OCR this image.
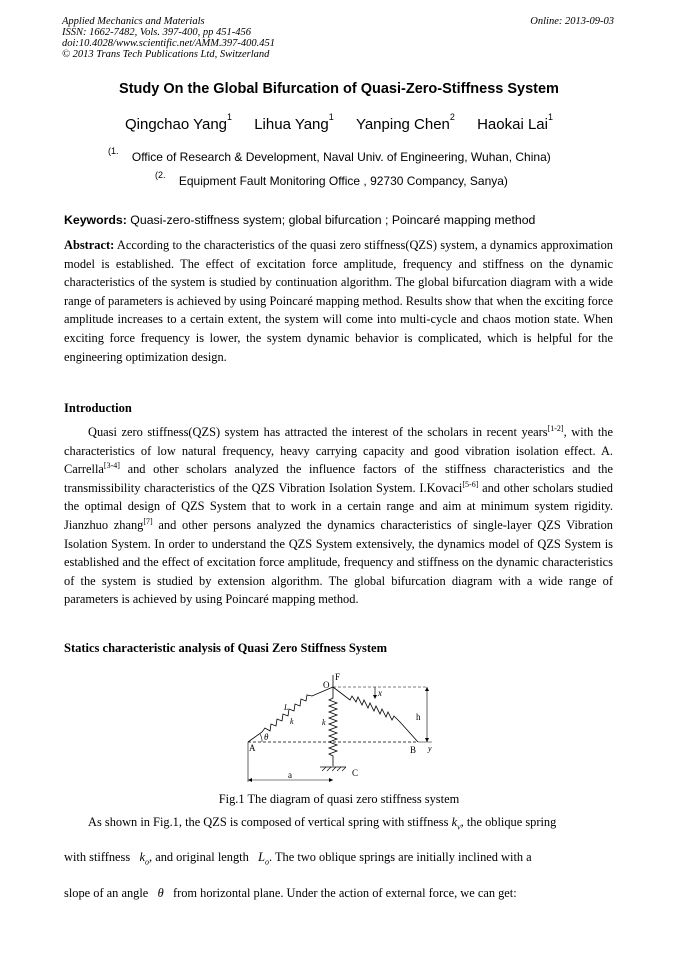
Applied Mechanics and Materials
ISSN: 1662-7482, Vols. 397-400, pp 451-456
doi:10.4028/www.scientific.net/AMM.397-400.451
© 2013 Trans Tech Publications Ltd, Switzerland
Online: 2013-09-03
Study On the Global Bifurcation of Quasi-Zero-Stiffness System
Qingchao Yang$^1$ Lihua Yang$^1$ Yanping Chen$^2$ Haokai Lai$^1$
$^{(1.}$ Office of Research & Development, Naval Univ. of Engineering, Wuhan, China)
$^{(2.}$ Equipment Fault Monitoring Office , 92730 Compancy, Sanya)
Keywords: Quasi-zero-stiffness system; global bifurcation ; Poincaré mapping method
Abstract: According to the characteristics of the quasi zero stiffness(QZS) system, a dynamics approximation model is established. The effect of excitation force amplitude, frequency and stiffness on the dynamic characteristics of the system is studied by continuation algorithm. The global bifurcation diagram with a wide range of parameters is achieved by using Poincaré mapping method. Results show that when the exciting force amplitude increases to a certain extent, the system will come into multi-cycle and chaos motion state. When exciting force frequency is lower, the system dynamic behavior is complicated, which is helpful for the engineering optimization design.
Introduction
Quasi zero stiffness(QZS) system has attracted the interest of the scholars in recent years[1-2], with the characteristics of low natural frequency, heavy carrying capacity and good vibration isolation effect. A. Carrella[3-4] and other scholars analyzed the influence factors of the stiffness characteristics and the transmissibility characteristics of the QZS Vibration Isolation System. I.Kovaci[5-6] and other scholars studied the optimal design of QZS System that to work in a certain range and aim at minimum system rigidity. Jianzhuo zhang[7] and other persons analyzed the dynamics characteristics of single-layer QZS Vibration Isolation System. In order to understand the QZS System extensively, the dynamics model of QZS System is established and the effect of excitation force amplitude, frequency and stiffness on the dynamic characteristics of the system is studied by extension algorithm. The global bifurcation diagram with a wide range of parameters is achieved by using Poincaré mapping method.
Statics characteristic analysis of Quasi Zero Stiffness System
O
F
x
h
A	B y
C
a
θ
k
k
L
Fig.1 The diagram of quasi zero stiffness system
As shown in Fig.1, the QZS is composed of vertical spring with stiffness $k_v$, the oblique spring
with stiffness $k_o$, and original length $L_o$. The two oblique springs are initially inclined with a
slope of an angle θ from horizontal plane. Under the action of external force, we can get:
